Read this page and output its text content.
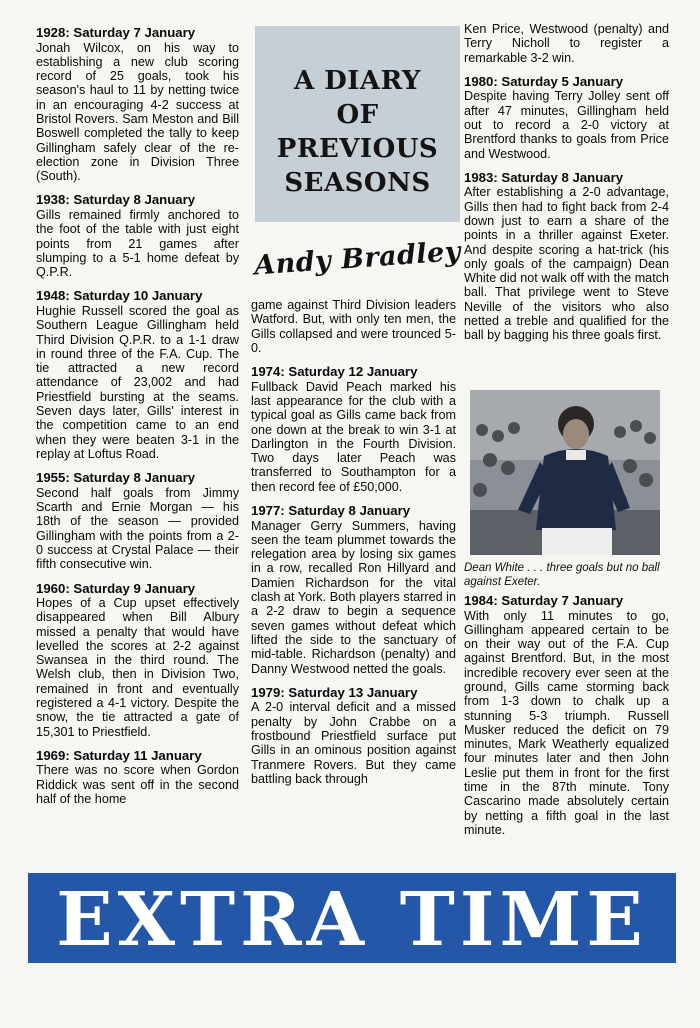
1928: Saturday 7 January
Jonah Wilcox, on his way to establishing a new club scoring record of 25 goals, took his season's haul to 11 by netting twice in an encouraging 4-2 success at Bristol Rovers. Sam Meston and Bill Boswell completed the tally to keep Gillingham safely clear of the re-election zone in Division Three (South).
1938: Saturday 8 January
Gills remained firmly anchored to the foot of the table with just eight points from 21 games after slumping to a 5-1 home defeat by Q.P.R.
1948: Saturday 10 January
Hughie Russell scored the goal as Southern League Gillingham held Third Division Q.P.R. to a 1-1 draw in round three of the F.A. Cup. The tie attracted a new record attendance of 23,002 and had Priestfield bursting at the seams. Seven days later, Gills' interest in the competition came to an end when they were beaten 3-1 in the replay at Loftus Road.
1955: Saturday 8 January
Second half goals from Jimmy Scarth and Ernie Morgan — his 18th of the season — provided Gillingham with the points from a 2-0 success at Crystal Palace — their fifth consecutive win.
1960: Saturday 9 January
Hopes of a Cup upset effectively disappeared when Bill Albury missed a penalty that would have levelled the scores at 2-2 against Swansea in the third round. The Welsh club, then in Division Two, remained in front and eventually registered a 4-1 victory. Despite the snow, the tie attracted a gate of 15,301 to Priestfield.
1969: Saturday 11 January
There was no score when Gordon Riddick was sent off in the second half of the home
A DIARY
OF
PREVIOUS
SEASONS
Andy Bradley
game against Third Division leaders Watford. But, with only ten men, the Gills collapsed and were trounced 5-0.
1974: Saturday 12 January
Fullback David Peach marked his last appearance for the club with a typical goal as Gills came back from one down at the break to win 3-1 at Darlington in the Fourth Division. Two days later Peach was transferred to Southampton for a then record fee of £50,000.
1977: Saturday 8 January
Manager Gerry Summers, having seen the team plummet towards the relegation area by losing six games in a row, recalled Ron Hillyard and Damien Richardson for the vital clash at York. Both players starred in a 2-2 draw to begin a sequence seven games without defeat which lifted the side to the sanctuary of mid-table. Richardson (penalty) and Danny Westwood netted the goals.
1979: Saturday 13 January
A 2-0 interval deficit and a missed penalty by John Crabbe on a frostbound Priestfield surface put Gills in an ominous position against Tranmere Rovers. But they came battling back through
Ken Price, Westwood (penalty) and Terry Nicholl to register a remarkable 3-2 win.
1980: Saturday 5 January
Despite having Terry Jolley sent off after 47 minutes, Gillingham held out to record a 2-0 victory at Brentford thanks to goals from Price and Westwood.
1983: Saturday 8 January
After establishing a 2-0 advantage, Gills then had to fight back from 2-4 down just to earn a share of the points in a thriller against Exeter. And despite scoring a hat-trick (his only goals of the campaign) Dean White did not walk off with the match ball. That privilege went to Steve Neville of the visitors who also netted a treble and qualified for the ball by bagging his three goals first.
Dean White . . . three goals but no ball against Exeter.
1984: Saturday 7 January
With only 11 minutes to go, Gillingham appeared certain to be on their way out of the F.A. Cup against Brentford. But, in the most incredible recovery ever seen at the ground, Gills came storming back from 1-3 down to chalk up a stunning 5-3 triumph. Russell Musker reduced the deficit on 79 minutes, Mark Weatherly equalized four minutes later and then John Leslie put them in front for the first time in the 87th minute. Tony Cascarino made absolutely certain by netting a fifth goal in the last minute.
EXTRA TIME
